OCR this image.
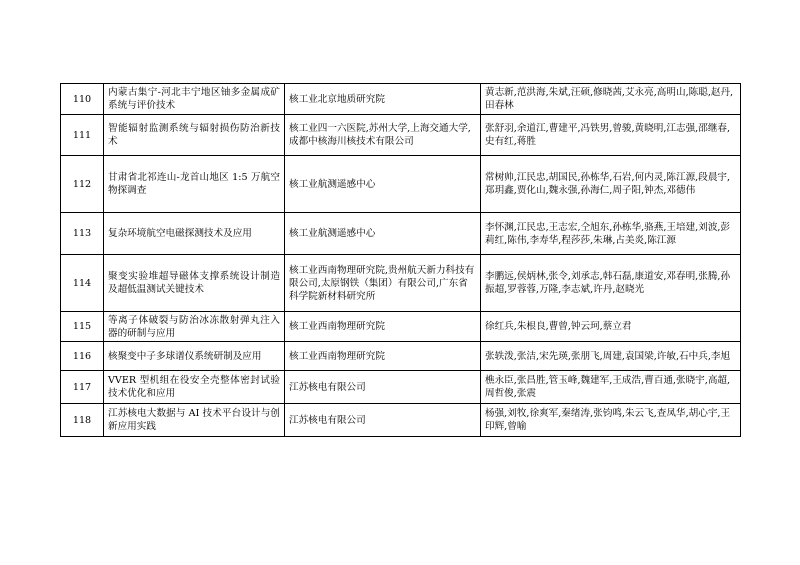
110	内蒙古集宁-河北丰宁地区铀多金属成矿系统与评价技术	核工业北京地质研究院	黄志新,范洪海,朱斌,汪硕,修晓茜,艾永亮,高明山,陈聪,赵丹,田春林
111	智能辐射监测系统与辐射损伤防治新技术	核工业四一六医院,苏州大学,上海交通大学,成都中核海川核技术有限公司	张舒羽,余道江,曹建平,冯铁男,曾骏,黄晓明,江志强,邵继春,史有红,蒋胜
112	甘肃省北祁连山-龙首山地区 1:5 万航空物探调查	核工业航测遥感中心	常树帅,江民忠,胡国民,孙栋华,石岩,何内灵,陈江源,段晨宇,郑玥鑫,贾化山,魏永强,孙海仁,周子阳,钟杰,邓德伟
113	复杂环境航空电磁探测技术及应用	核工业航测遥感中心	李怀渊,江民忠,王志宏,仝旭东,孙栋华,骆燕,王培建,刘波,彭莉红,陈伟,李寿华,程莎莎,朱琳,占美炎,陈江源
114	聚变实验堆超导磁体支撑系统设计制造及超低温测试关键技术	核工业西南物理研究院,贵州航天新力科技有限公司,太原钢铁（集团）有限公司,广东省科学院新材料研究所	李鹏远,侯炳林,张令,刘承志,韩石磊,康道安,邓春明,张腾,孙振超,罗蓉蓉,万隆,李志斌,许丹,赵晓光
115	等离子体破裂与防治冰冻散射弹丸注入器的研制与应用	核工业西南物理研究院	徐红兵,朱根良,曹曾,钟云珂,蔡立君
116	核聚变中子多球谱仪系统研制及应用	核工业西南物理研究院	张轶泼,张洁,宋先瑛,张朋飞,周建,袁国梁,许敏,石中兵,李旭
117	VVER 型机组在役安全壳整体密封试验技术优化和应用	江苏核电有限公司	樵永臣,张昌胜,管玉峰,魏建军,王成浩,曹百通,张晓宇,高超,周哲俊,张震
118	江苏核电大数据与 AI 技术平台设计与创新应用实践	江苏核电有限公司	杨强,刘牧,徐爽军,秦绪涛,张钧鸣,朱云飞,查凤华,胡心宇,王印辉,曾喻
